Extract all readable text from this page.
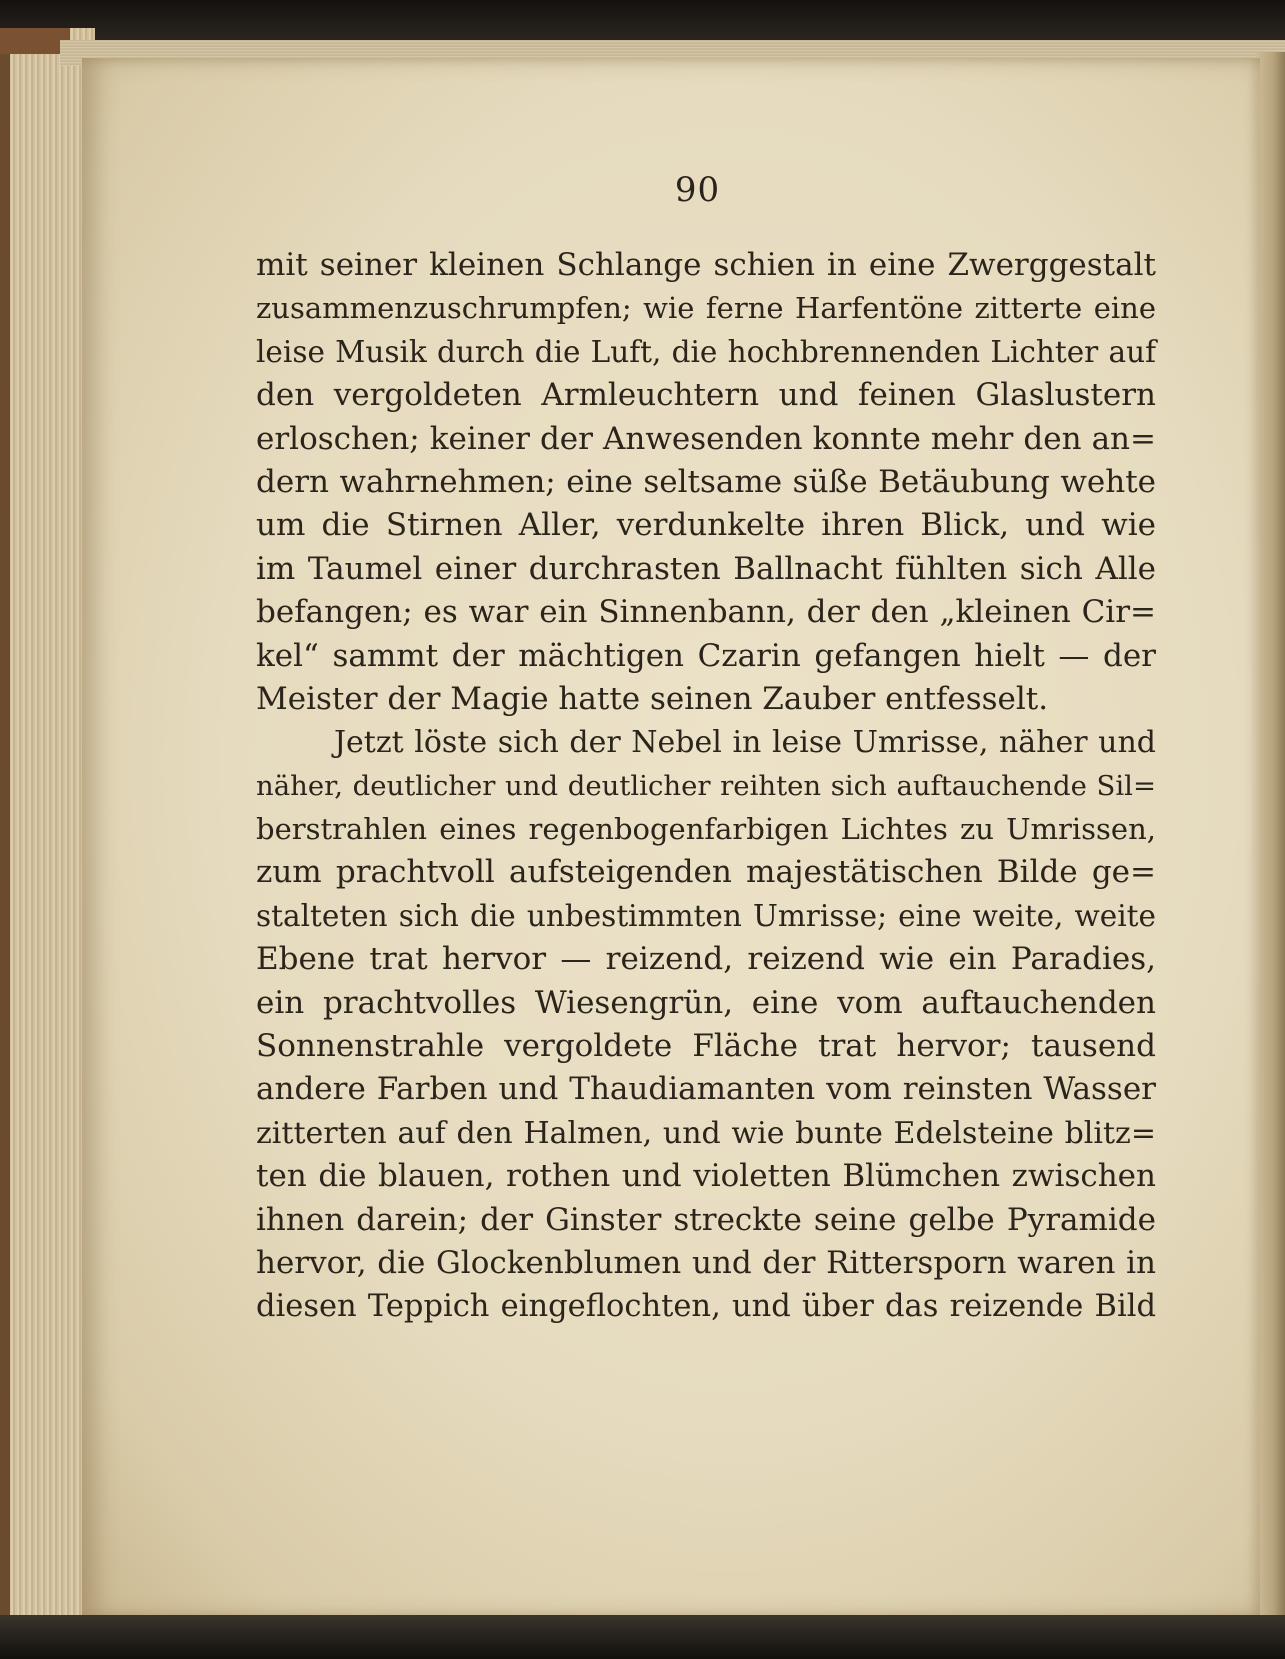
90
mit seiner kleinen Schlange schien in eine Zwerggestalt
zusammenzuschrumpfen; wie ferne Harfentöne zitterte eine
leise Musik durch die Luft, die hochbrennenden Lichter auf
den vergoldeten Armleuchtern und feinen Glaslustern
erloschen; keiner der Anwesenden konnte mehr den an=
dern wahrnehmen; eine seltsame süße Betäubung wehte
um die Stirnen Aller, verdunkelte ihren Blick, und wie
im Taumel einer durchrasten Ballnacht fühlten sich Alle
befangen; es war ein Sinnenbann, der den „kleinen Cir=
kel“ sammt der mächtigen Czarin gefangen hielt — der
Meister der Magie hatte seinen Zauber entfesselt.
Jetzt löste sich der Nebel in leise Umrisse, näher und
näher, deutlicher und deutlicher reihten sich auftauchende Sil=
berstrahlen eines regenbogenfarbigen Lichtes zu Umrissen,
zum prachtvoll aufsteigenden majestätischen Bilde ge=
stalteten sich die unbestimmten Umrisse; eine weite, weite
Ebene trat hervor — reizend, reizend wie ein Paradies,
ein prachtvolles Wiesengrün, eine vom auftauchenden
Sonnenstrahle vergoldete Fläche trat hervor; tausend
andere Farben und Thaudiamanten vom reinsten Wasser
zitterten auf den Halmen, und wie bunte Edelsteine blitz=
ten die blauen, rothen und violetten Blümchen zwischen
ihnen darein; der Ginster streckte seine gelbe Pyramide
hervor, die Glockenblumen und der Rittersporn waren in
diesen Teppich eingeflochten, und über das reizende Bild
